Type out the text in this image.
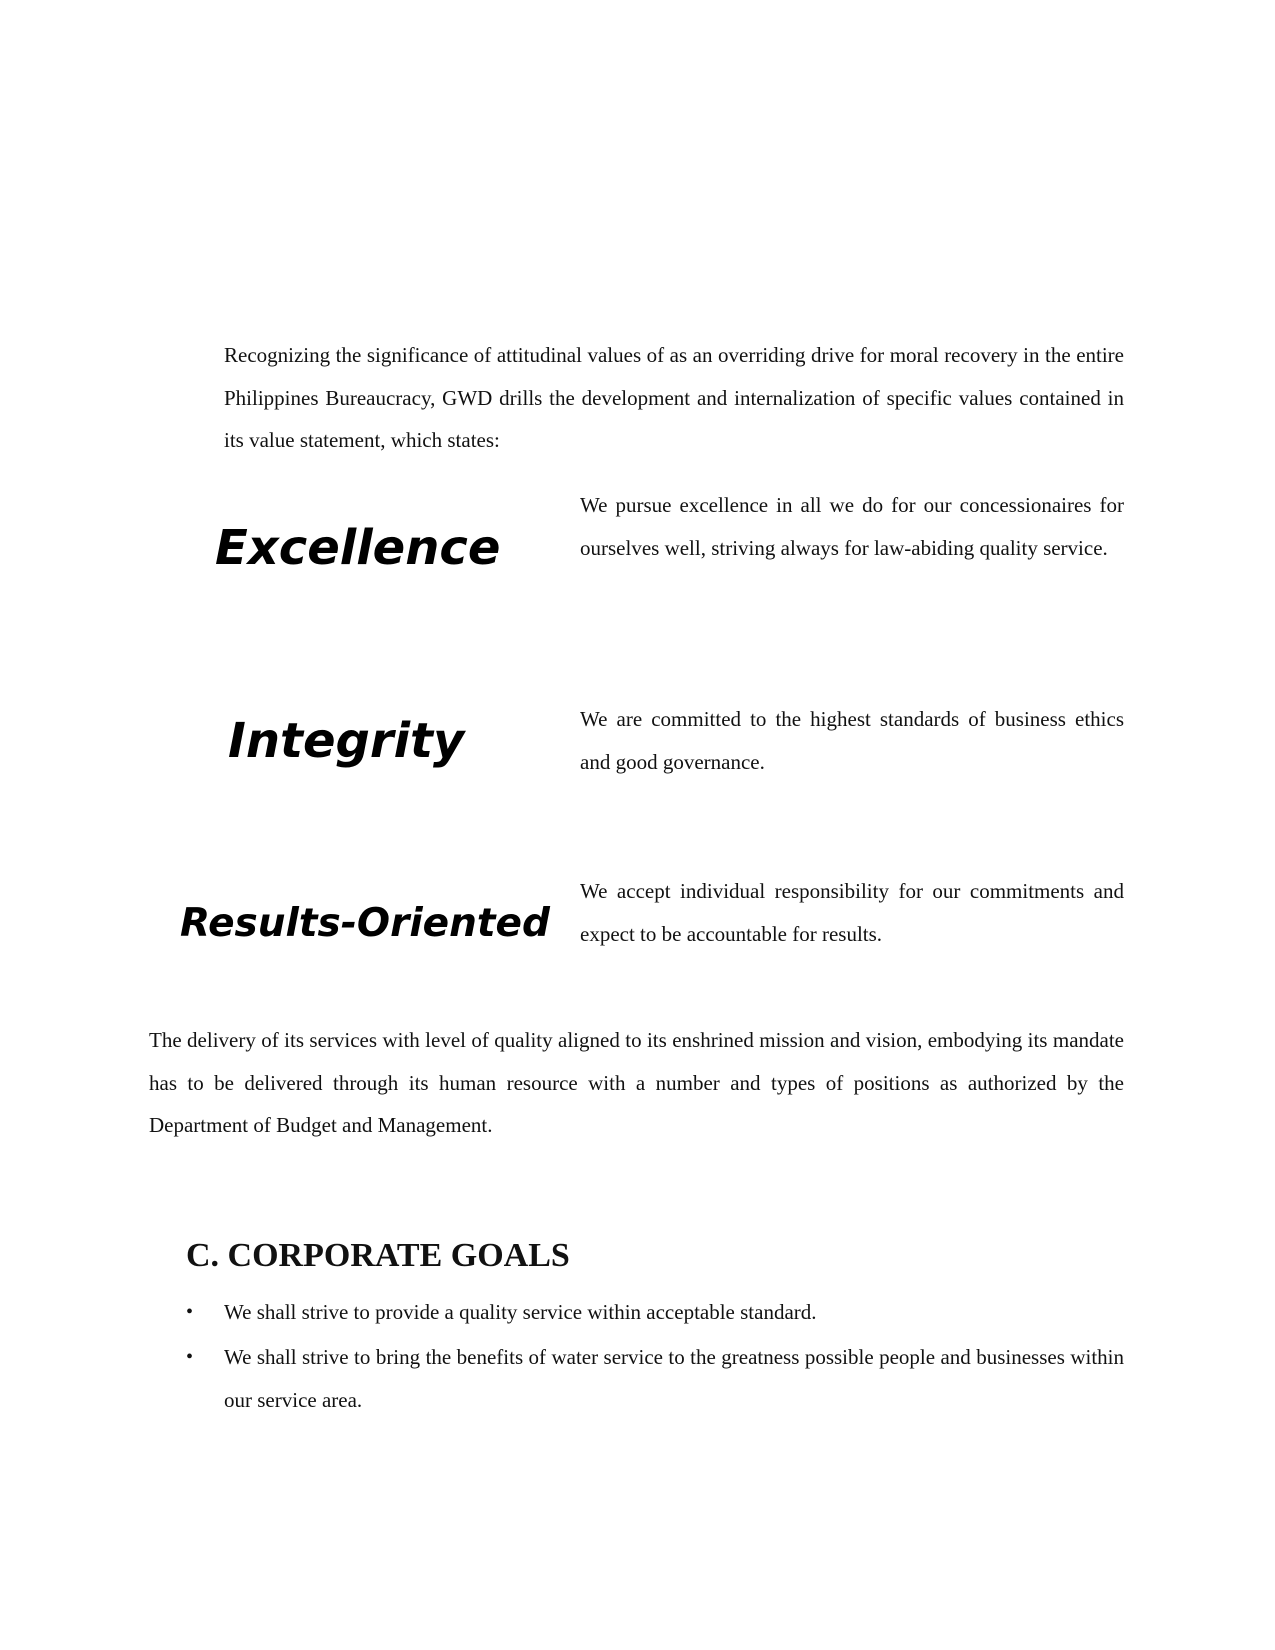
Recognizing the significance of attitudinal values of as an overriding drive for moral recovery in the entire Philippines Bureaucracy, GWD drills the development and internalization of specific values contained in its value statement, which states:

Excellence

We pursue excellence in all we do for our concessionaires for ourselves well, striving always for law-abiding quality service.

Integrity	We are committed to the highest standards of business ethics and good governance.

Results-Oriented

We accept individual responsibility for our commitments and expect to be accountable for results.

The delivery of its services with level of quality aligned to its enshrined mission and vision, embodying its mandate has to be delivered through its human resource with a number and types of positions as authorized by the Department of Budget and Management.

C. CORPORATE GOALS
• We shall strive to provide a quality service within acceptable standard.
• We shall strive to bring the benefits of water service to the greatness possible people and businesses within our service area.
